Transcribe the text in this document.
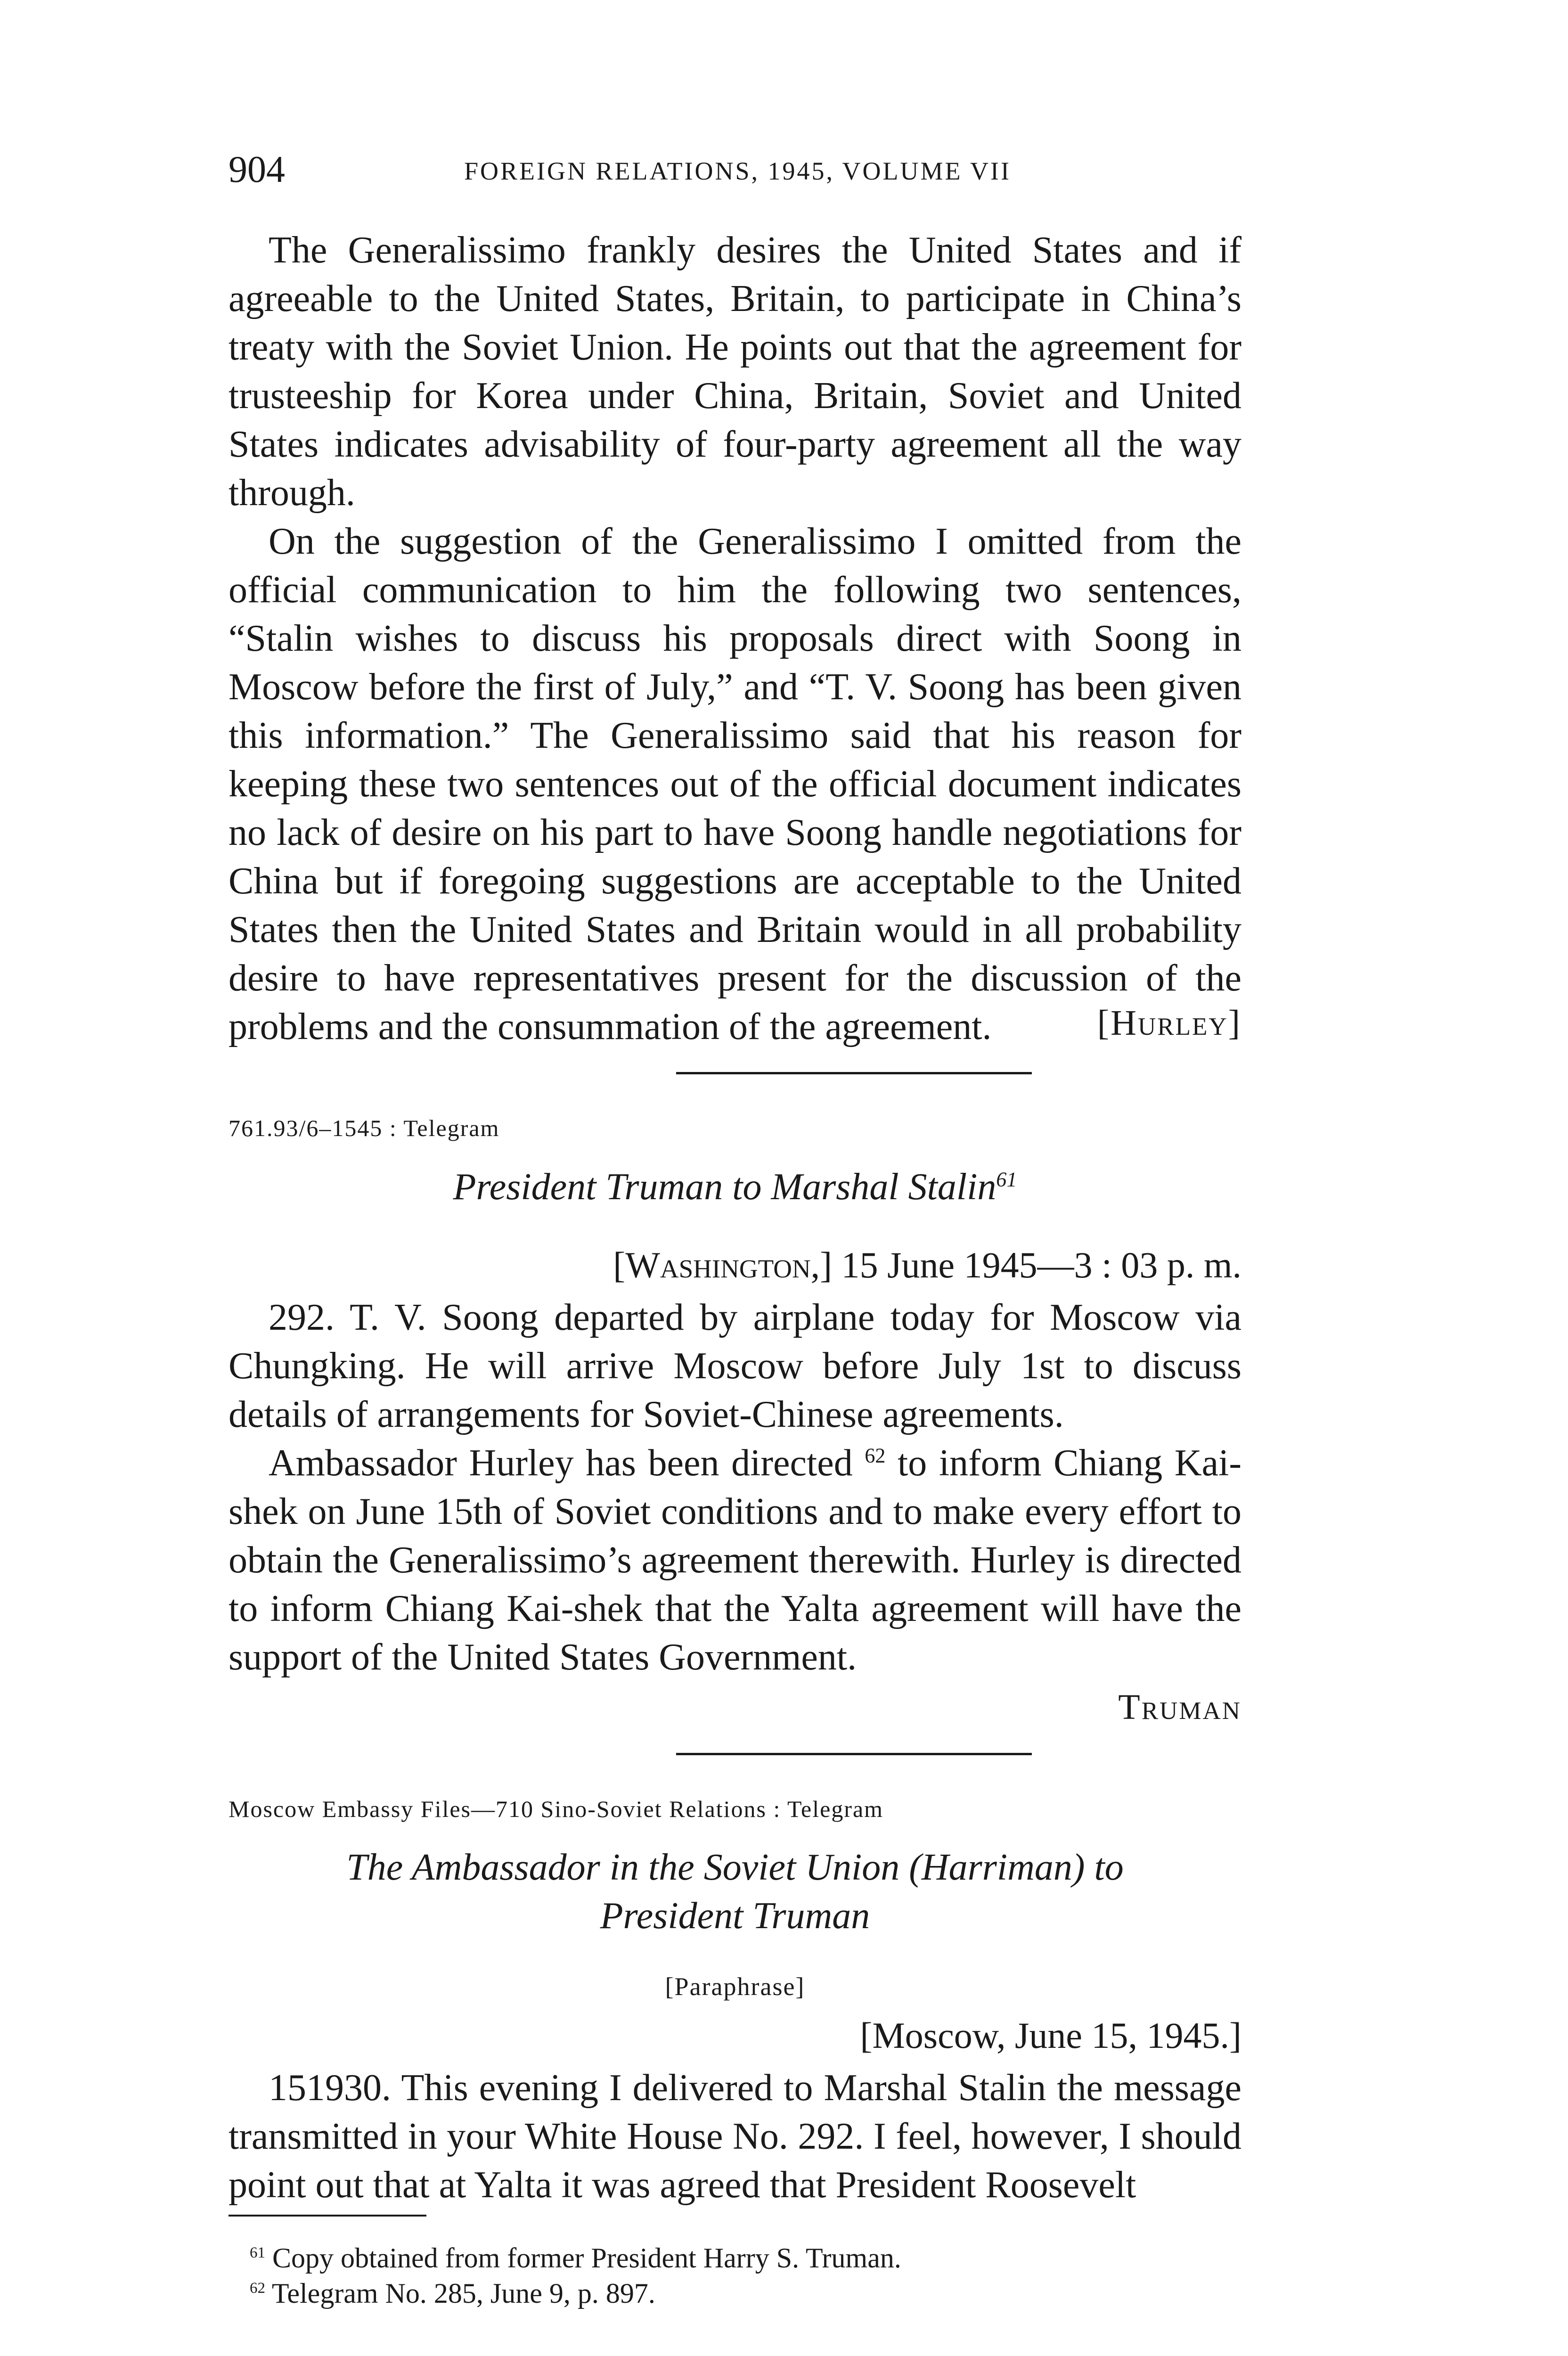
904	FOREIGN RELATIONS, 1945, VOLUME VII

The Generalissimo frankly desires the United States and if agreeable to the United States, Britain, to participate in China’s treaty with the Soviet Union. He points out that the agreement for trusteeship for Korea under China, Britain, Soviet and United States indicates advisability of four-party agreement all the way through.

On the suggestion of the Generalissimo I omitted from the official communication to him the following two sentences, “Stalin wishes to discuss his proposals direct with Soong in Moscow before the first of July,” and “T. V. Soong has been given this information.” The Generalissimo said that his reason for keeping these two sentences out of the official document indicates no lack of desire on his part to have Soong handle negotiations for China but if foregoing suggestions are acceptable to the United States then the United States and Britain would in all probability desire to have representatives present for the discussion of the problems and the consummation of the agreement.	[Hurley]
761.93/6–1545 : Telegram
President Truman to Marshal Stalin$^{61}$
[Washington,] 15 June 1945—3 : 03 p. m.

292. T. V. Soong departed by airplane today for Moscow via Chungking. He will arrive Moscow before July 1st to discuss details of arrangements for Soviet-Chinese agreements.

Ambassador Hurley has been directed $^{62}$ to inform Chiang Kai-shek on June 15th of Soviet conditions and to make every effort to obtain the Generalissimo’s agreement therewith. Hurley is directed to inform Chiang Kai-shek that the Yalta agreement will have the support of the United States Government.

Truman
Moscow Embassy Files—710 Sino-Soviet Relations : Telegram
The Ambassador in the Soviet Union (Harriman) to
President Truman
[Paraphrase]
[Moscow, June 15, 1945.]

151930. This evening I delivered to Marshal Stalin the message transmitted in your White House No. 292. I feel, however, I should point out that at Yalta it was agreed that President Roosevelt

$^{61}$ Copy obtained from former President Harry S. Truman.
$^{62}$ Telegram No. 285, June 9, p. 897.
